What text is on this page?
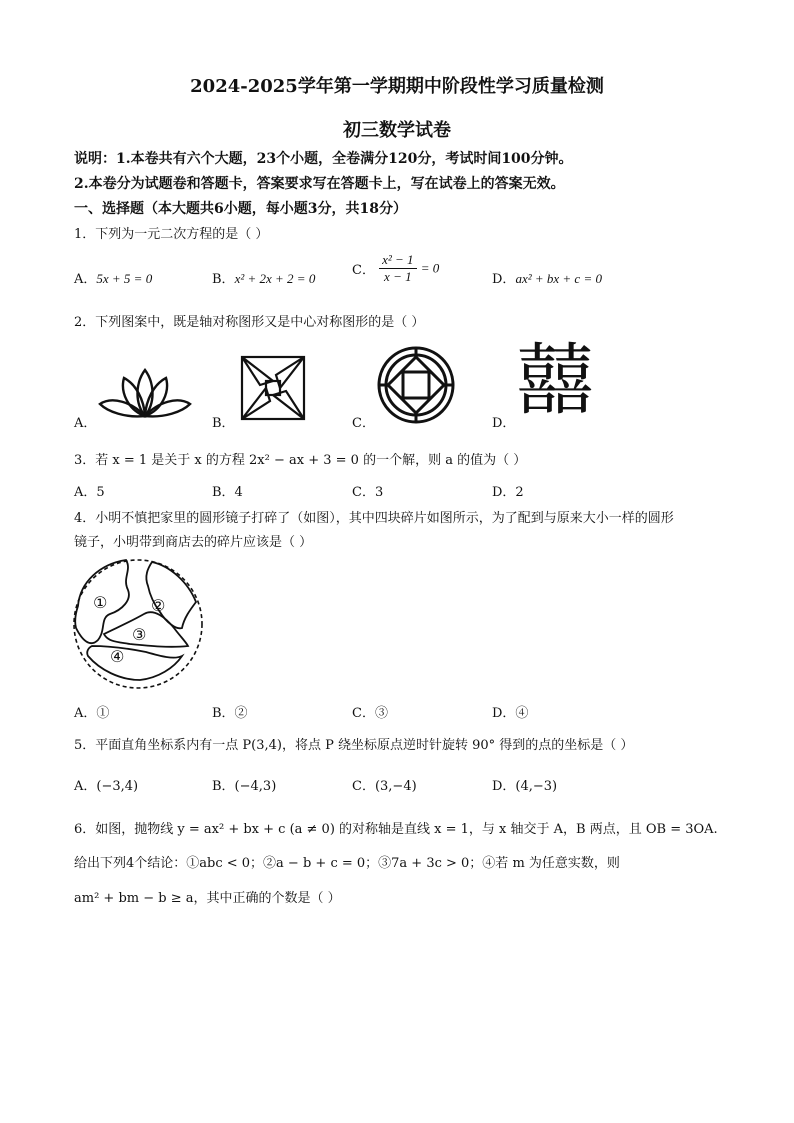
2024-2025学年第一学期期中阶段性学习质量检测
初三数学试卷
说明：1.本卷共有六个大题，23个小题，全卷满分120分，考试时间100分钟。
2.本卷分为试题卷和答题卡，答案要求写在答题卡上，写在试卷上的答案无效。
一、选择题（本大题共6小题，每小题3分，共18分）
1．下列为一元二次方程的是（ ）
A．5x + 5 = 0	B．x² + 2x + 2 = 0
C． $\frac{\text{x² − 1}}{x - 1} = 0$
D．ax² + bx + c = 0
2．下列图案中，既是轴对称图形又是中心对称图形的是（ ）
A．	B．	C．	D． 囍
3．若 x = 1 是关于 x 的方程 2x² − ax + 3 = 0 的一个解，则 a 的值为（ ）
A．5	B．4	C．3	D．2
4．小明不慎把家里的圆形镜子打碎了（如图），其中四块碎片如图所示，为了配到与原来大小一样的圆形
镜子，小明带到商店去的碎片应该是（ ）
①	②
③
④
A．①	B．②	C．③	D．④
5．平面直角坐标系内有一点 P(3,4)，将点 P 绕坐标原点逆时针旋转 90° 得到的点的坐标是（ ）
A．(−3,4)	B．(−4,3)	C．(3,−4)	D．(4,−3)
6．如图，抛物线 y = ax² + bx + c (a ≠ 0) 的对称轴是直线 x = 1，与 x 轴交于 A，B 两点，且 OB = 3OA.
给出下列4个结论：①abc < 0；②a − b + c = 0；③7a + 3c > 0；④若 m 为任意实数，则
am² + bm − b ≥ a，其中正确的个数是（ ）
